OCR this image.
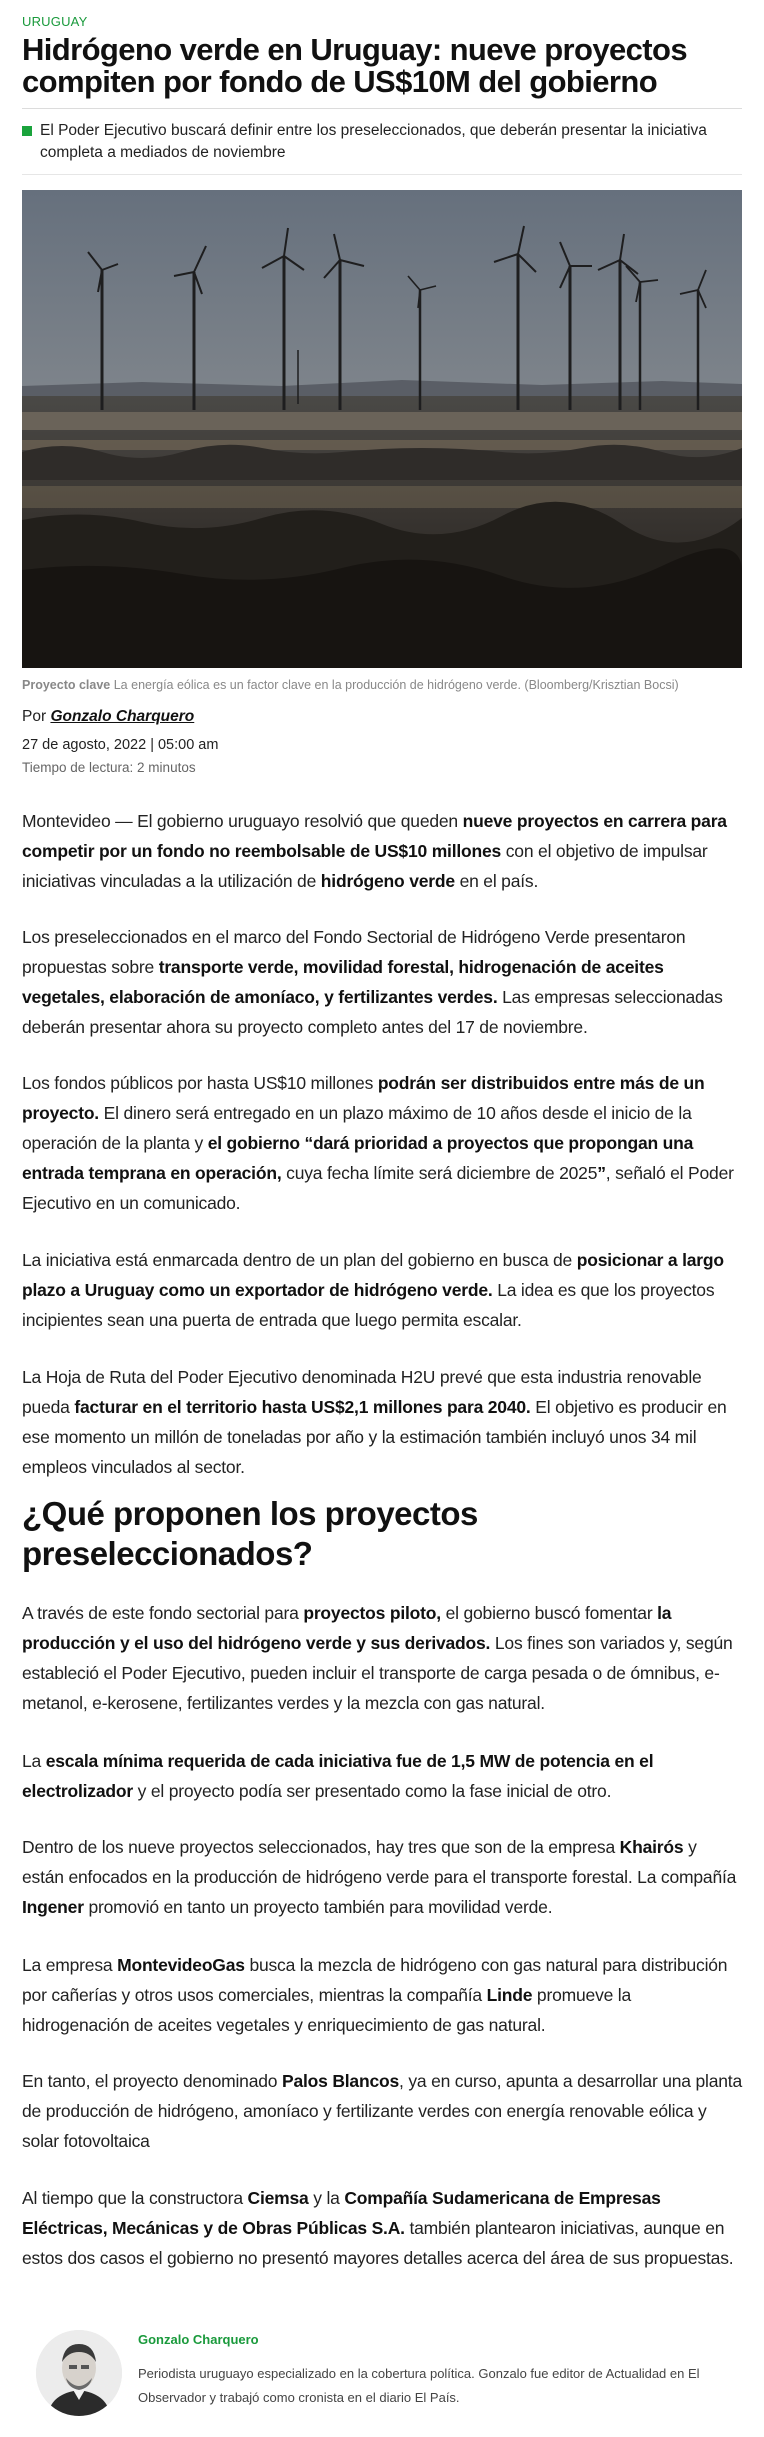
URUGUAY
Hidrógeno verde en Uruguay: nueve proyectos compiten por fondo de US$10M del gobierno
El Poder Ejecutivo buscará definir entre los preseleccionados, que deberán presentar la iniciativa completa a mediados de noviembre
Proyecto clave La energía eólica es un factor clave en la producción de hidrógeno verde. (Bloomberg/Krisztian Bocsi)
Por Gonzalo Charquero
27 de agosto, 2022 | 05:00 am
Tiempo de lectura: 2 minutos
Montevideo — El gobierno uruguayo resolvió que queden nueve proyectos en carrera para competir por un fondo no reembolsable de US$10 millones con el objetivo de impulsar iniciativas vinculadas a la utilización de hidrógeno verde en el país.
Los preseleccionados en el marco del Fondo Sectorial de Hidrógeno Verde presentaron propuestas sobre transporte verde, movilidad forestal, hidrogenación de aceites vegetales, elaboración de amoníaco, y fertilizantes verdes. Las empresas seleccionadas deberán presentar ahora su proyecto completo antes del 17 de noviembre.
Los fondos públicos por hasta US$10 millones podrán ser distribuidos entre más de un proyecto. El dinero será entregado en un plazo máximo de 10 años desde el inicio de la operación de la planta y el gobierno “dará prioridad a proyectos que propongan una entrada temprana en operación, cuya fecha límite será diciembre de 2025”, señaló el Poder Ejecutivo en un comunicado.
La iniciativa está enmarcada dentro de un plan del gobierno en busca de posicionar a largo plazo a Uruguay como un exportador de hidrógeno verde. La idea es que los proyectos incipientes sean una puerta de entrada que luego permita escalar.
La Hoja de Ruta del Poder Ejecutivo denominada H2U prevé que esta industria renovable pueda facturar en el territorio hasta US$2,1 millones para 2040. El objetivo es producir en ese momento un millón de toneladas por año y la estimación también incluyó unos 34 mil empleos vinculados al sector.
¿Qué proponen los proyectos preseleccionados?
A través de este fondo sectorial para proyectos piloto, el gobierno buscó fomentar la producción y el uso del hidrógeno verde y sus derivados. Los fines son variados y, según estableció el Poder Ejecutivo, pueden incluir el transporte de carga pesada o de ómnibus, e-metanol, e-kerosene, fertilizantes verdes y la mezcla con gas natural.
La escala mínima requerida de cada iniciativa fue de 1,5 MW de potencia en el electrolizador y el proyecto podía ser presentado como la fase inicial de otro.
Dentro de los nueve proyectos seleccionados, hay tres que son de la empresa Khairós y están enfocados en la producción de hidrógeno verde para el transporte forestal. La compañía Ingener promovió en tanto un proyecto también para movilidad verde.
La empresa MontevideoGas busca la mezcla de hidrógeno con gas natural para distribución por cañerías y otros usos comerciales, mientras la compañía Linde promueve la hidrogenación de aceites vegetales y enriquecimiento de gas natural.
En tanto, el proyecto denominado Palos Blancos, ya en curso, apunta a desarrollar una planta de producción de hidrógeno, amoníaco y fertilizante verdes con energía renovable eólica y solar fotovoltaica
Al tiempo que la constructora Ciemsa y la Compañía Sudamericana de Empresas Eléctricas, Mecánicas y de Obras Públicas S.A. también plantearon iniciativas, aunque en estos dos casos el gobierno no presentó mayores detalles acerca del área de sus propuestas.
Gonzalo Charquero
Periodista uruguayo especializado en la cobertura política. Gonzalo fue editor de Actualidad en El Observador y trabajó como cronista en el diario El País.
